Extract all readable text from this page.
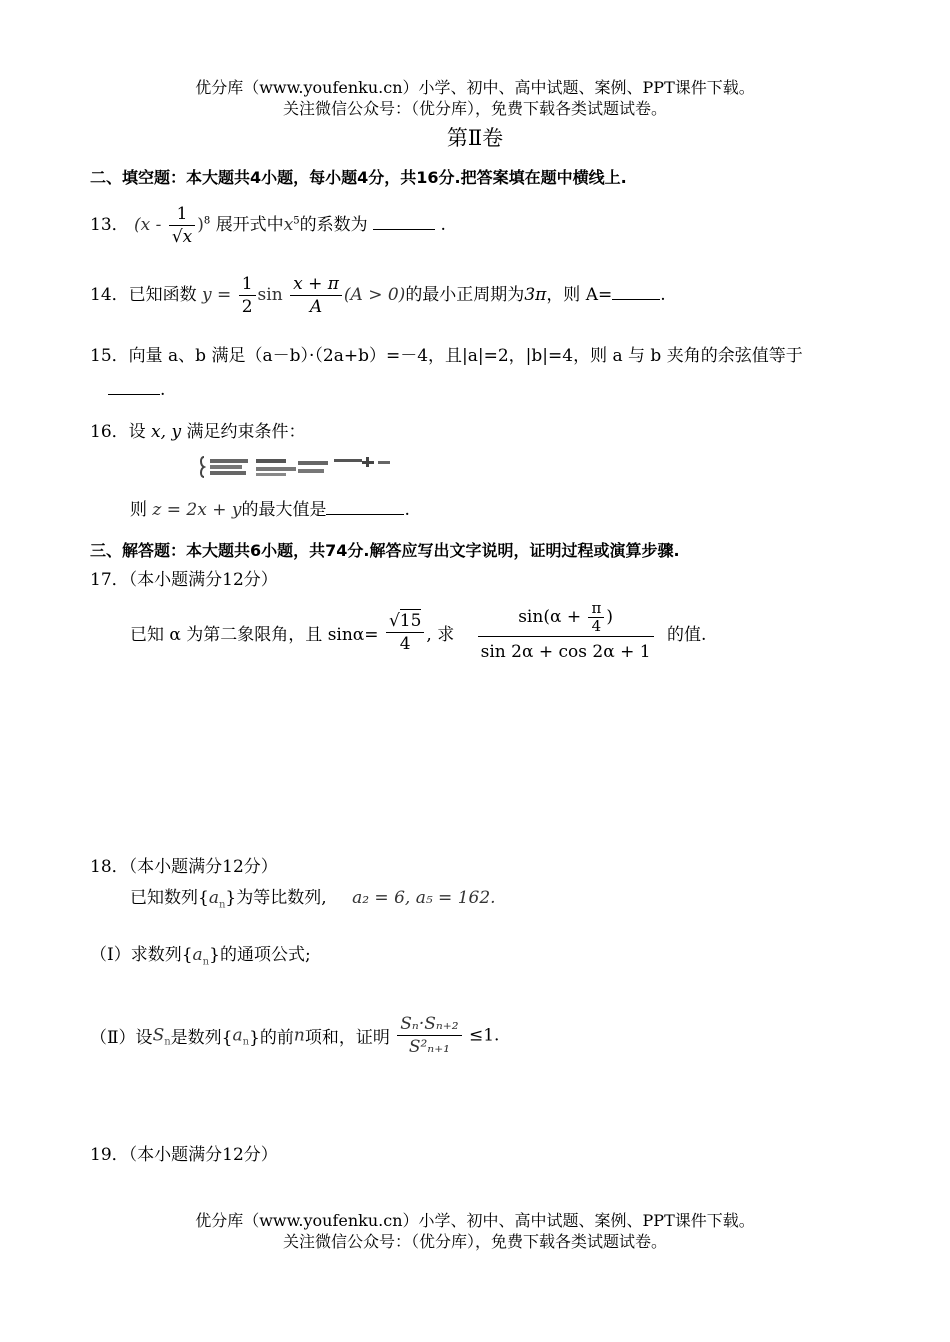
优分库（www.youfenku.cn）小学、初中、高中试题、案例、PPT课件下载。
关注微信公众号：（优分库），免费下载各类试题试卷。
第Ⅱ卷
二、填空题：本大题共4小题，每小题4分，共16分.把答案填在题中横线上.
13． $(x - \frac{1}{√x} )^8$ 展开式中$x^5$的系数为	.
14．已知函数 $y = \frac{1}{2}$ $\sin \frac{x + \pi}{A} (A > 0)$的最小正周期为3π，则 A=	.
15．向量 a、b 满足（a－b）·（2a+b）=－4，且|a|=2，|b|=4，则 a 与 b 夹角的余弦值等于
.
16．设 x, y 满足约束条件：
则 z = 2x + y的最大值是	.
三、解答题：本大题共6小题，共74分.解答应写出文字说明，证明过程或演算步骤.
17．（本小题满分12分）
已知 α 为第二象限角，且 $\sin\alpha= \frac{√15}{4}$ , 求 $\frac{\sin(\alpha + \frac{\pi}{4} )}{\sin 2\alpha + \cos 2\alpha + 1}$ 的值.
18．（本小题满分12分）
已知数列$\{a_n\}$为等比数列, a₂ = 6, a₅ = 162.
（Ⅰ）求数列$\{a_n\}$的通项公式;
（Ⅱ）设$S_n$是数列$\{a_n\}$的前n项和，证明 $\frac{\text{Sₙ·Sₙ₊₂}}{\text{S²ₙ₊₁}} \le 1$.
19．（本小题满分12分）
优分库（www.youfenku.cn）小学、初中、高中试题、案例、PPT课件下载。
关注微信公众号：（优分库），免费下载各类试题试卷。
